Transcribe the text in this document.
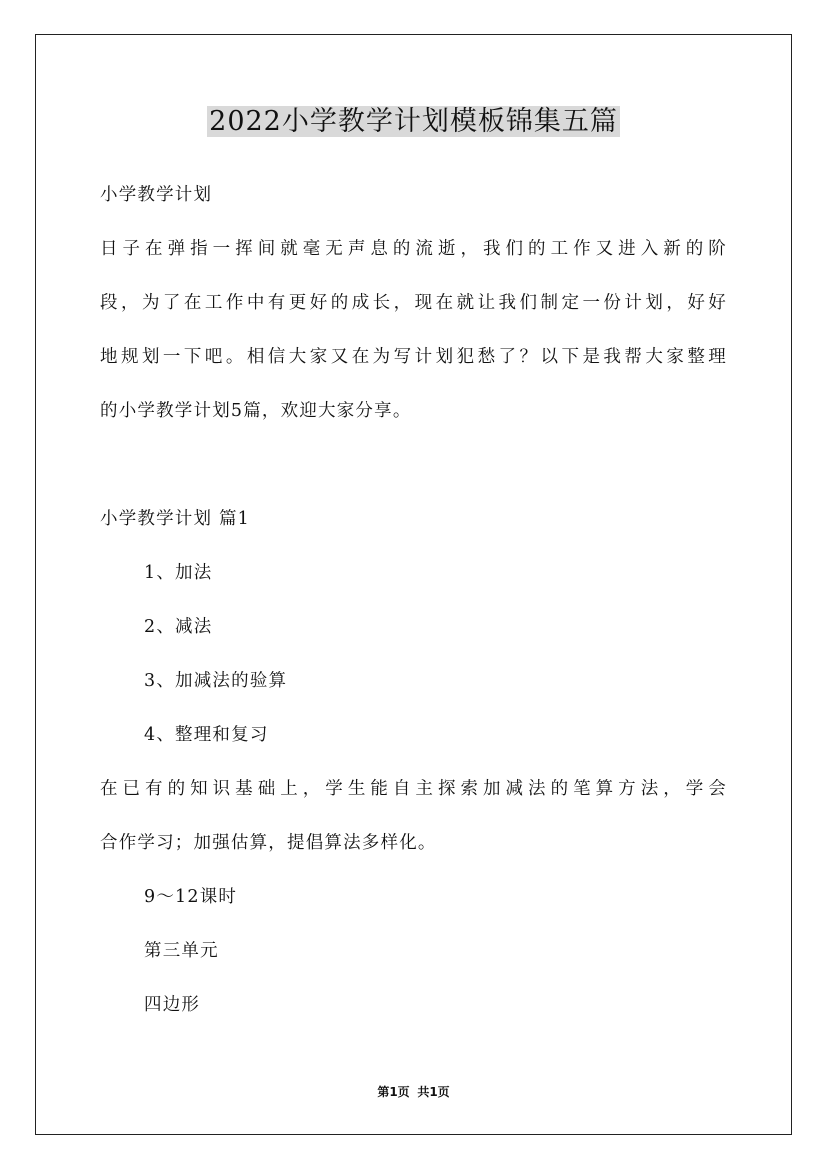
2022小学教学计划模板锦集五篇
小学教学计划
日子在弹指一挥间就毫无声息的流逝，我们的工作又进入新的阶
段，为了在工作中有更好的成长，现在就让我们制定一份计划，好好
地规划一下吧。相信大家又在为写计划犯愁了？以下是我帮大家整理
的小学教学计划5篇，欢迎大家分享。
小学教学计划 篇1
1、加法
2、减法
3、加减法的验算
4、整理和复习
在已有的知识基础上，学生能自主探索加减法的笔算方法，学会
合作学习；加强估算，提倡算法多样化。
9～12课时
第三单元
四边形
第1页 共1页
